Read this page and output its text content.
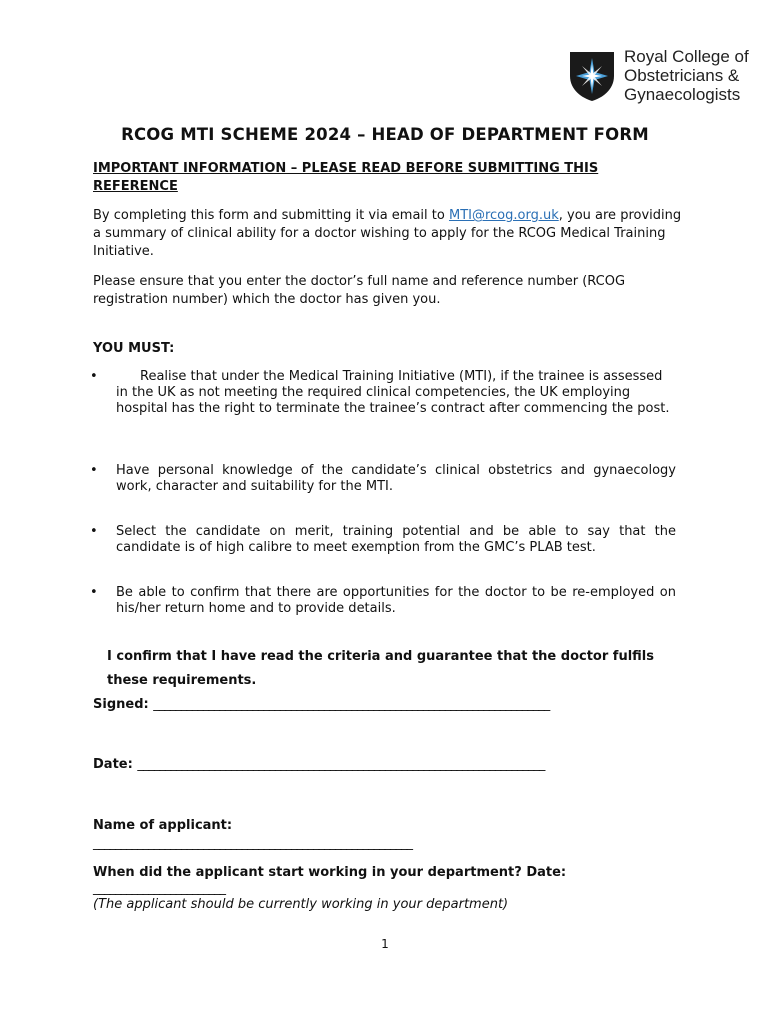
Royal College of
Obstetricians &
Gynaecologists
RCOG MTI SCHEME 2024 – HEAD OF DEPARTMENT FORM
IMPORTANT INFORMATION – PLEASE READ BEFORE SUBMITTING THIS REFERENCE
By completing this form and submitting it via email to MTI@rcog.org.uk, you are providing a summary of clinical ability for a doctor wishing to apply for the RCOG Medical Training Initiative.
Please ensure that you enter the doctor’s full name and reference number (RCOG registration number) which the doctor has given you.
YOU MUST:
•	Realise that under the Medical Training Initiative (MTI), if the trainee is assessed in the UK as not meeting the required clinical competencies, the UK employing hospital has the right to terminate the trainee’s contract after commencing the post.
• Have personal knowledge of the candidate’s clinical obstetrics and gynaecology work, character and suitability for the MTI.
• Select the candidate on merit, training potential and be able to say that the candidate is of high calibre to meet exemption from the GMC’s PLAB test.
• Be able to confirm that there are opportunities for the doctor to be re-employed on his/her return home and to provide details.
I confirm that I have read the criteria and guarantee that the doctor fulfils these requirements.
Signed: ________________________________________________________________________
Date: __________________________________________________________________________
Name of applicant:
__________________________________________________________
When did the applicant start working in your department? Date:
________________________
(The applicant should be currently working in your department)
1
